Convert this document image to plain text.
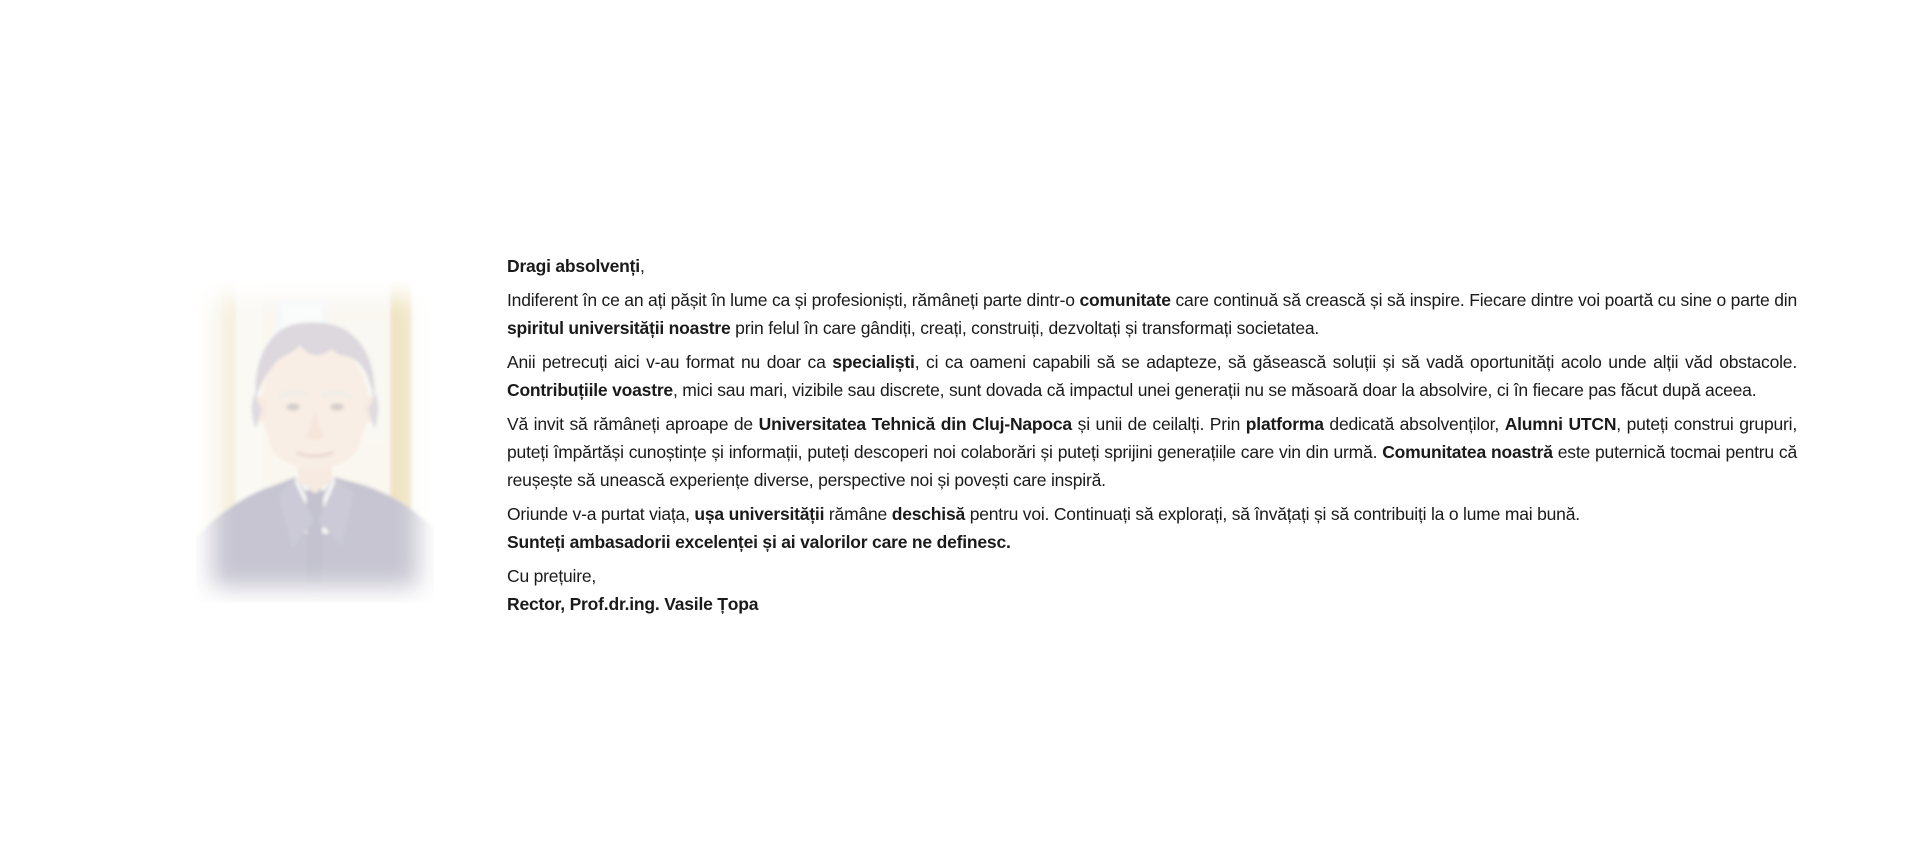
Dragi absolvenți,

Indiferent în ce an ați pășit în lume ca și profesioniști, rămâneți parte dintr-o comunitate care continuă să crească și să inspire. Fiecare dintre voi poartă cu sine o parte din spiritul universității noastre prin felul în care gândiți, creați, construiți, dezvoltați și transformați societatea.

Anii petrecuți aici v-au format nu doar ca specialiști, ci ca oameni capabili să se adapteze, să găsească soluții și să vadă oportunități acolo unde alții văd obstacole. Contribuțiile voastre, mici sau mari, vizibile sau discrete, sunt dovada că impactul unei generații nu se măsoară doar la absolvire, ci în fiecare pas făcut după aceea.

Vă invit să rămâneți aproape de Universitatea Tehnică din Cluj-Napoca și unii de ceilalți. Prin platforma dedicată absolvenților, Alumni UTCN, puteți construi grupuri, puteți împărtăși cunoștințe și informații, puteți descoperi noi colaborări și puteți sprijini generațiile care vin din urmă. Comunitatea noastră este puternică tocmai pentru că reușește să unească experiențe diverse, perspective noi și povești care inspiră.

Oriunde v-a purtat viața, ușa universității rămâne deschisă pentru voi. Continuați să explorați, să învățați și să contribuiți la o lume mai bună.
Sunteți ambasadorii excelenței și ai valorilor care ne definesc.

Cu prețuire,
Rector, Prof.dr.ing. Vasile Țopa
